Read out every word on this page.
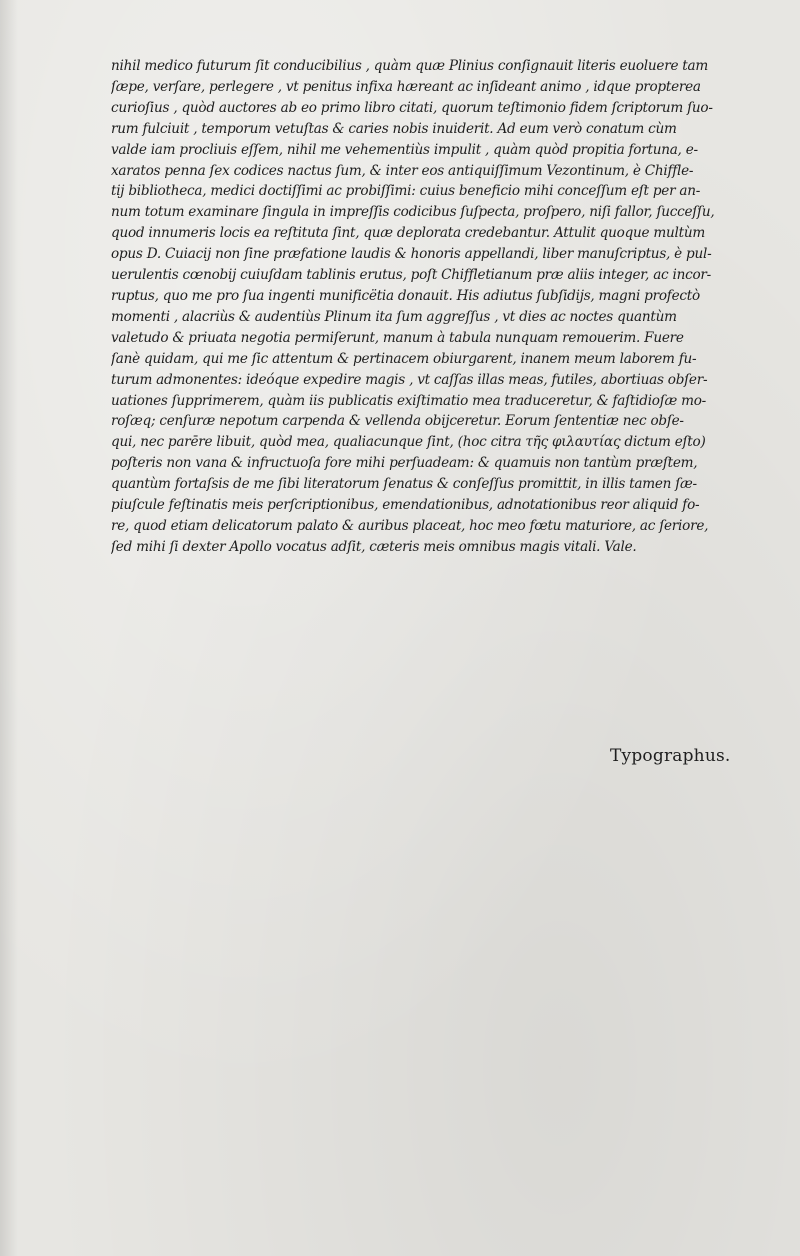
nihil medico futurum ſit conducibilius , quàm quæ Plinius conſignauit literis euoluere tam
ſæpe, verſare, perlegere , vt penitus infixa hæreant ac inſideant animo , idque propterea
curioſius , quòd auctores ab eo primo libro citati, quorum teſtimonio fidem ſcriptorum ſuo-
rum fulciuit , temporum vetuſtas & caries nobis inuiderit. Ad eum verò conatum cùm
valde iam procliuis eſſem, nihil me vehementiùs impulit , quàm quòd propitia fortuna, e-
xaratos penna ſex codices nactus ſum, & inter eos antiquiſſimum Vezontinum, è Chiffle-
tij bibliotheca, medici doctiſſimi ac probiſſimi: cuius beneficio mihi conceſſum eſt per an-
num totum examinare ſingula in impreſſis codicibus ſuſpecta, proſpero, niſi fallor, ſucceſſu,
quod innumeris locis ea reſtituta ſint, quæ deplorata credebantur. Attulit quoque multùm
opus D. Cuiacij non ſine præfatione laudis & honoris appellandi, liber manuſcriptus, è pul-
uerulentis cœnobij cuiuſdam tablinis erutus, poſt Chiffletianum præ aliis integer, ac incor-
ruptus, quo me pro ſua ingenti munificëtia donauit. His adiutus ſubſidijs, magni profectò
momenti , alacriùs & audentiùs Plinum ita ſum aggreſſus , vt dies ac noctes quantùm
valetudo & priuata negotia permiſerunt, manum à tabula nunquam remouerim. Fuere
ſanè quidam, qui me ſic attentum & pertinacem obiurgarent, inanem meum laborem fu-
turum admonentes: ideóque expedire magis , vt caſſas illas meas, futiles, abortiuas obſer-
uationes ſupprimerem, quàm iis publicatis exiſtimatio mea traduceretur, & faſtidioſæ mo-
roſæq; cenſuræ nepotum carpenda & vellenda obijceretur. Eorum ſententiæ nec obſe-
qui, nec parēre libuit, quòd mea, qualiacunque ſint, (hoc citra τῆς φιλαυτίας dictum eſto)
poſteris non vana & infructuoſa fore mihi perſuadeam: & quamuis non tantùm præſtem,
quantùm fortaſsis de me ſibi literatorum ſenatus & conſeſſus promittit, in illis tamen ſæ-
piuſcule feſtinatis meis perſcriptionibus, emendationibus, adnotationibus reor aliquid fo-
re, quod etiam delicatorum palato & auribus placeat, hoc meo fœtu maturiore, ac ſeriore,
ſed mihi ſi dexter Apollo vocatus adſit, cæteris meis omnibus magis vitali. Vale.
Typographus.
